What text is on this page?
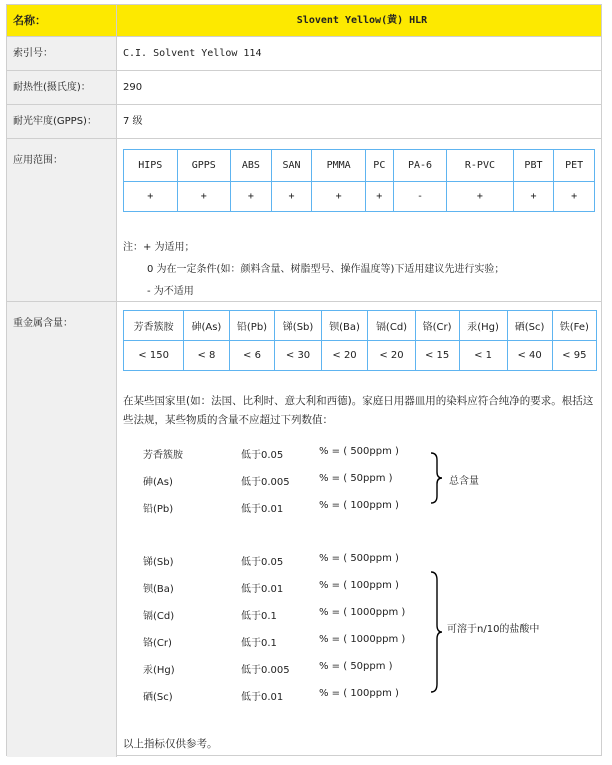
名称：	Slovent Yellow(黄) HLR
索引号：	C.I. Solvent Yellow 114
耐热性(摄氏度)：	290
耐光牢度(GPPS)：	7 级
应用范围：	HIPS	GPPS	ABS	SAN	PMMA	PC	PA-6	R-PVC	PBT	PET
+	+	+	+	+	+	-	+	+	+
注：+ 为适用；
0 为在一定条件(如：颜料含量、树脂型号、操作温度等)下适用建议先进行实验；
- 为不适用
重金属含量：	芳香簇胺	砷(As)	铅(Pb)	锑(Sb)	钡(Ba)	镉(Cd)	铬(Cr)	汞(Hg)	硒(Sc)	铁(Fe)
< 150	< 8	< 6	< 30	< 20	< 20	< 15	< 1	< 40	< 95
在某些国家里(如：法国、比利时、意大利和西德)。家庭日用器皿用的染料应符合纯净的要求。根括这些法规，某些物质的含量不应超过下列数值：
芳香簇胺	低于0.05	% = ( 500ppm )
砷(As)	低于0.005	% = ( 50ppm )
铅(Pb)	低于0.01	% = ( 100ppm )
总含量
锑(Sb)	低于0.05	% = ( 500ppm )
钡(Ba)	低于0.01	% = ( 100ppm )
镉(Cd)	低于0.1	% = ( 1000ppm )
铬(Cr)	低于0.1	% = ( 1000ppm )
汞(Hg)	低于0.005	% = ( 50ppm )
硒(Sc)	低于0.01	% = ( 100ppm )
可溶于n/10的盐酸中
以上指标仅供参考。
